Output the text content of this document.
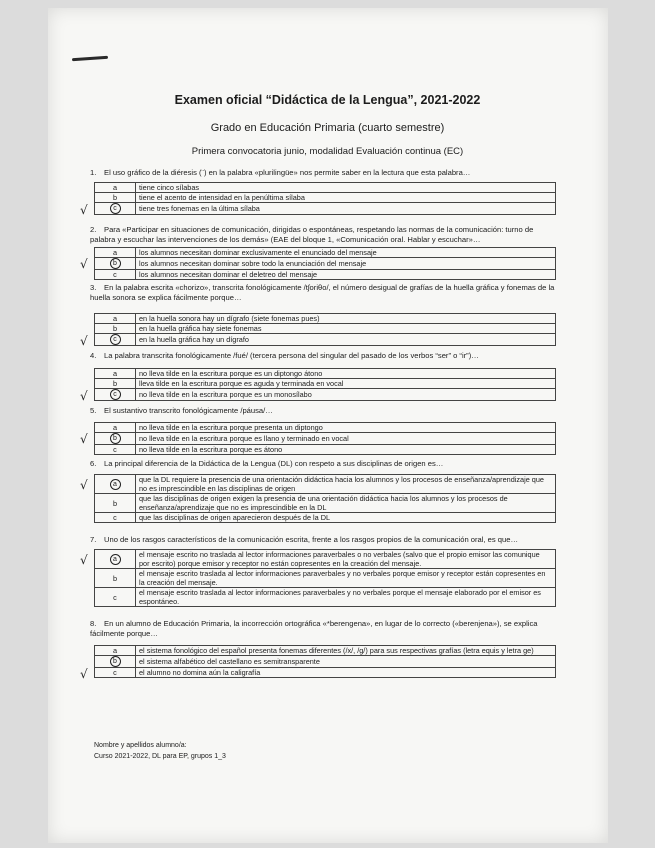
Examen oficial “Didáctica de la Lengua”, 2021-2022
Grado en Educación Primaria (cuarto semestre)
Primera convocatoria junio, modalidad Evaluación continua (EC)
1. El uso gráfico de la diéresis (¨) en la palabra «plurilingüe» nos permite saber en la lectura que esta palabra…
a	tiene cinco sílabas
b	tiene el acento de intensidad en la penúltima sílaba
c	tiene tres fonemas en la última sílaba
√
2. Para «Participar en situaciones de comunicación, dirigidas o espontáneas, respetando las normas de la comunicación: turno de palabra y escuchar las intervenciones de los demás» (EAE del bloque 1, «Comunicación oral. Hablar y escuchar»…
a	los alumnos necesitan dominar exclusivamente el enunciado del mensaje
b	los alumnos necesitan dominar sobre todo la enunciación del mensaje
c	los alumnos necesitan dominar el deletreo del mensaje
√
3. En la palabra escrita «chorizo», transcrita fonológicamente /tʃoriθo/, el número desigual de grafías de la huella gráfica y fonemas de la huella sonora se explica fácilmente porque…
a	en la huella sonora hay un dígrafo (siete fonemas pues)
b	en la huella gráfica hay siete fonemas
c	en la huella gráfica hay un dígrafo
√
4. La palabra transcrita fonológicamente /fué/ (tercera persona del singular del pasado de los verbos “ser” o “ir”)…
a	no lleva tilde en la escritura porque es un diptongo átono
b	lleva tilde en la escritura porque es aguda y terminada en vocal
c	no lleva tilde en la escritura porque es un monosílabo
√
5. El sustantivo transcrito fonológicamente /páusa/…
a	no lleva tilde en la escritura porque presenta un diptongo
b	no lleva tilde en la escritura porque es llano y terminado en vocal
c	no lleva tilde en la escritura porque es átono
√
6. La principal diferencia de la Didáctica de la Lengua (DL) con respeto a sus disciplinas de origen es…
a	que la DL requiere la presencia de una orientación didáctica hacia los alumnos y los procesos de enseñanza/aprendizaje que no es imprescindible en las disciplinas de origen
b	que las disciplinas de origen exigen la presencia de una orientación didáctica hacia los alumnos y los procesos de enseñanza/aprendizaje que no es imprescindible en la DL
c	que las disciplinas de origen aparecieron después de la DL
√
7. Uno de los rasgos característicos de la comunicación escrita, frente a los rasgos propios de la comunicación oral, es que…
a	el mensaje escrito no traslada al lector informaciones paraverbales o no verbales (salvo que el propio emisor las comunique por escrito) porque emisor y receptor no están copresentes en la creación del mensaje.
b	el mensaje escrito traslada al lector informaciones paraverbales y no verbales porque emisor y receptor están copresentes en la creación del mensaje.
c	el mensaje escrito traslada al lector informaciones paraverbales y no verbales porque el mensaje elaborado por el emisor es espontáneo.
√
8. En un alumno de Educación Primaria, la incorrección ortográfica «*berengena», en lugar de lo correcto («berenjena»), se explica fácilmente porque…
a	el sistema fonológico del español presenta fonemas diferentes (/x/, /g/) para sus respectivas grafías (letra equis y letra ge)
b	el sistema alfabético del castellano es semitransparente
c	el alumno no domina aún la caligrafía
√
Nombre y apellidos alumno/a:
Curso 2021-2022, DL para EP, grupos 1_3
